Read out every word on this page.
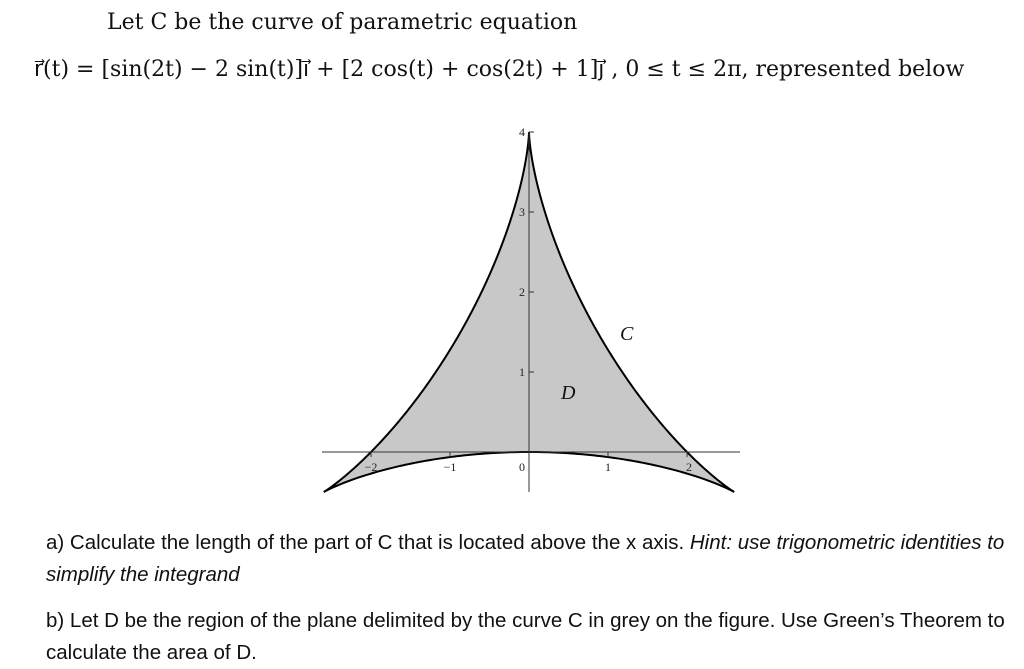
Let C be the curve of parametric equation
r⃗(t) = [sin(2t) − 2 sin(t)]i⃗ + [2 cos(t) + cos(2t) + 1]j⃗ , 0 ≤ t ≤ 2π, represented below
−2	−1	0	1	2
1
2
3
4
C
D
a) Calculate the length of the part of C that is located above the x axis. Hint: use trigonometric identities to simplify the integrand
b) Let D be the region of the plane delimited by the curve C in grey on the figure. Use Green’s Theorem to calculate the area of D.
